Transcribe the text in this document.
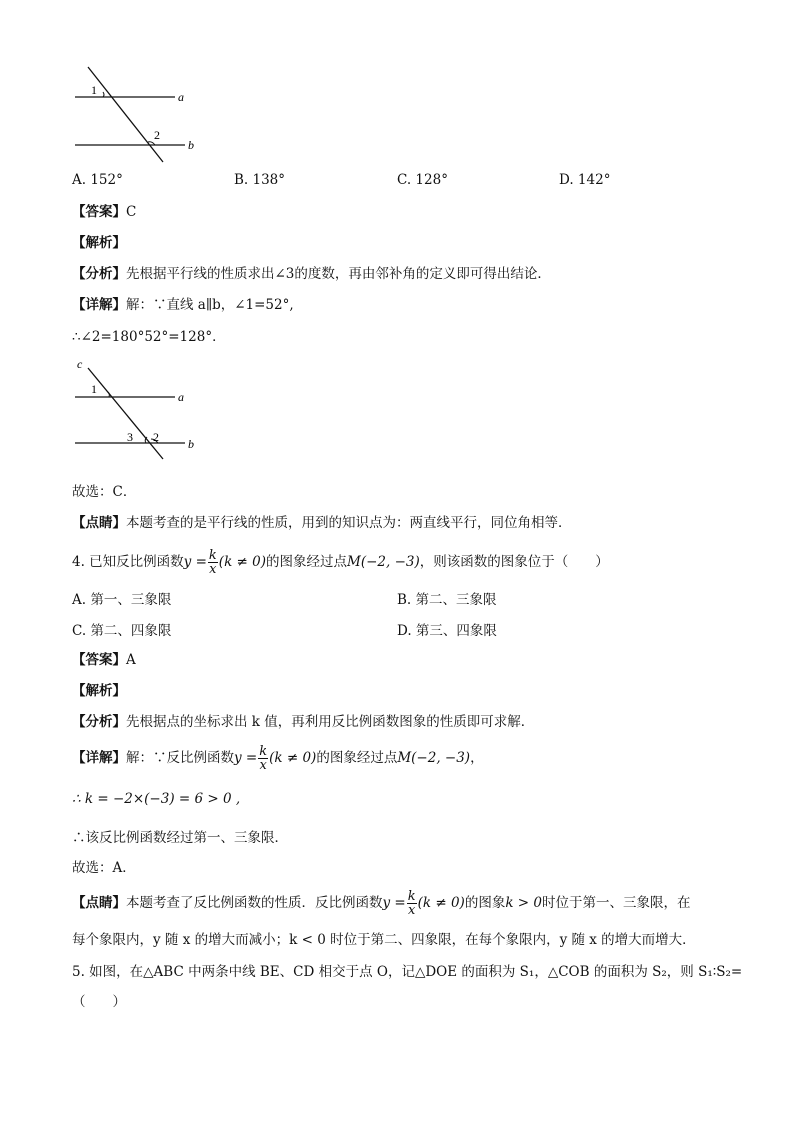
1
2
a
b
A. 152°	B. 138°	C. 128°	D. 142°
【答案】C
【解析】
【分析】先根据平行线的性质求出∠3的度数，再由邻补角的定义即可得出结论．
【详解】解：∵直线 a∥b，∠1=52°,
∴∠2=180°52°=128°．
c
1
3 2
a
b
故选：C．
【点睛】本题考查的是平行线的性质，用到的知识点为：两直线平行，同位角相等．
4. 已知反比例函数$y = \frac{k}{x} (k \ne 0)$的图象经过点M(−2, −3)，则该函数的图象位于（　　）
A. 第一、三象限	B. 第二、三象限
C. 第二、四象限	D. 第三、四象限
【答案】A
【解析】
【分析】先根据点的坐标求出 k 值，再利用反比例函数图象的性质即可求解．
【详解】解：∵反比例函数$y = \frac{k}{x} (k \ne 0)$的图象经过点M(−2, −3)，
∴ k = −2×(−3) = 6 > 0 ,
∴该反比例函数经过第一、三象限．
故选：A．
【点睛】本题考查了反比例函数的性质．反比例函数$y = \frac{k}{x} (k \ne 0)$的图象k > 0时位于第一、三象限，在
每个象限内，y 随 x 的增大而减小；k < 0 时位于第二、四象限，在每个象限内，y 随 x 的增大而增大．
5. 如图，在△ABC 中两条中线 BE、CD 相交于点 O，记△DOE 的面积为 S₁，△COB 的面积为 S₂，则 S₁∶S₂=
（　　）
